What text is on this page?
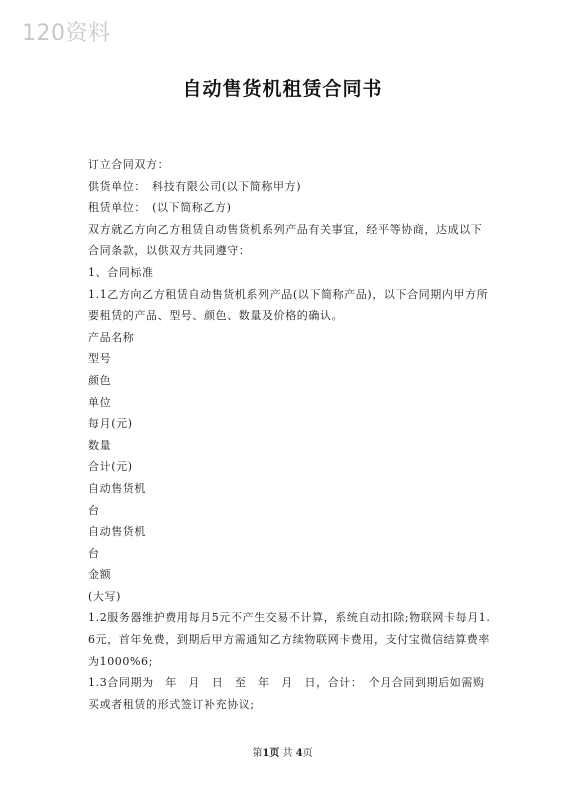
120资料
自动售货机租赁合同书

订立合同双方：

供货单位：　科技有限公司(以下简称甲方)

租赁单位：　(以下简称乙方)

双方就乙方向乙方租赁自动售货机系列产品有关事宜，经平等协商，达成以下合同条款，以供双方共同遵守：

1、合同标准

1.1乙方向乙方租赁自动售货机系列产品(以下简称产品)，以下合同期内甲方所要租赁的产品、型号、颜色、数量及价格的确认。

产品名称

型号

颜色

单位

每月(元)

数量

合计(元)

自动售货机

台

自动售货机

台

金额

(大写)

1.2服务器维护费用每月5元不产生交易不计算，系统自动扣除;物联网卡每月1.6元，首年免费，到期后甲方需通知乙方续物联网卡费用，支付宝微信结算费率为1000%6;

1.3合同期为　年　月　日　至　年　月　日，合计：　个月合同到期后如需购买或者租赁的形式签订补充协议;

第1页 共 4页
